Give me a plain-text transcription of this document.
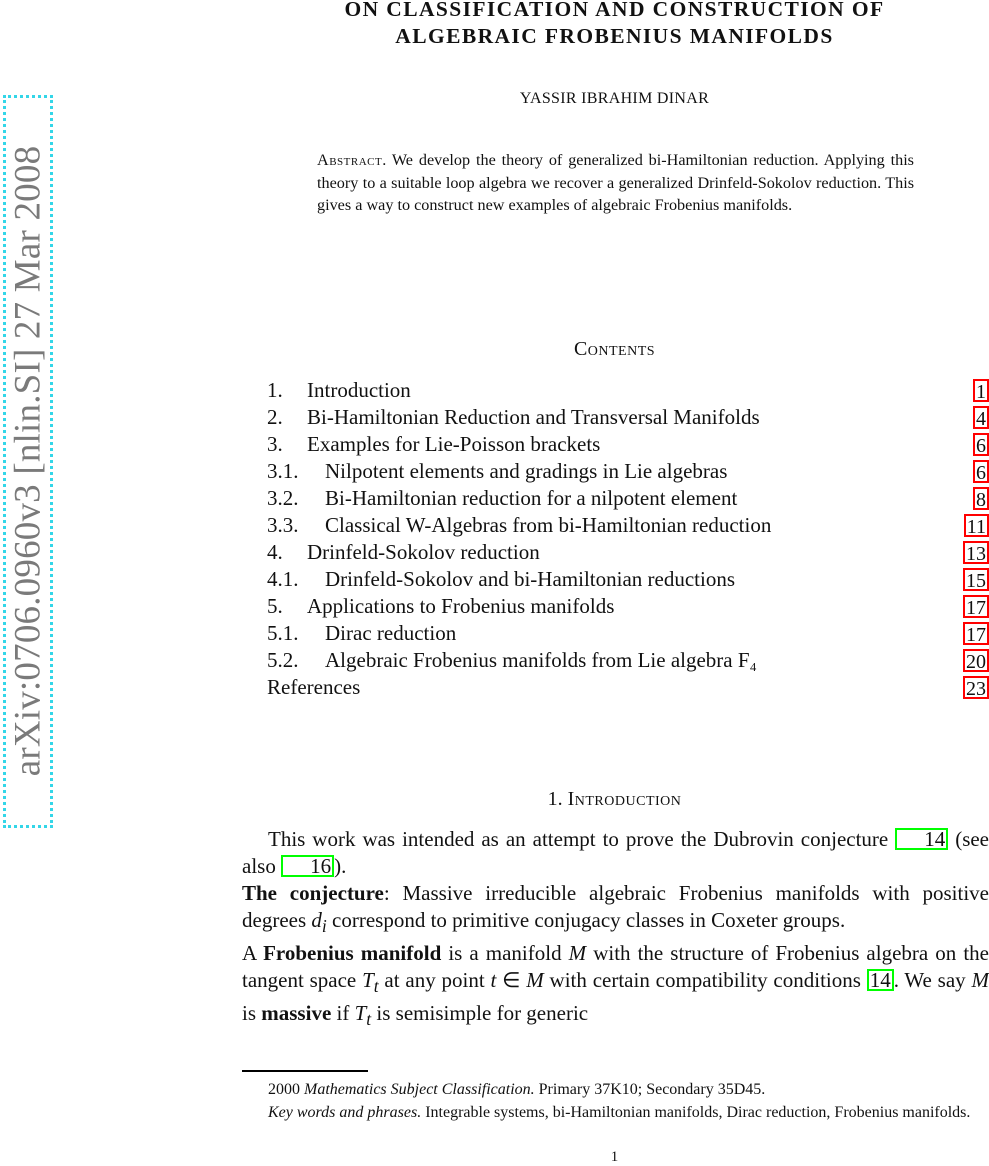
arXiv:0706.0960v3 [nlin.SI] 27 Mar 2008
ON CLASSIFICATION AND CONSTRUCTION OF
ALGEBRAIC FROBENIUS MANIFOLDS
YASSIR IBRAHIM DINAR
Abstract. We develop the theory of generalized bi-Hamiltonian reduction. Applying this theory to a suitable loop algebra we recover a generalized Drinfeld-Sokolov reduction. This gives a way to construct new examples of algebraic Frobenius manifolds.
Contents
1. Introduction	1
2. Bi-Hamiltonian Reduction and Transversal Manifolds	4
3. Examples for Lie-Poisson brackets	6
3.1. Nilpotent elements and gradings in Lie algebras	6
3.2. Bi-Hamiltonian reduction for a nilpotent element	8
3.3. Classical W-Algebras from bi-Hamiltonian reduction	11
4. Drinfeld-Sokolov reduction	13
4.1. Drinfeld-Sokolov and bi-Hamiltonian reductions	15
5. Applications to Frobenius manifolds	17
5.1. Dirac reduction	17
5.2. Algebraic Frobenius manifolds from Lie algebra F₄	20
References	23
1. Introduction

This work was intended as an attempt to prove the Dubrovin conjecture 14 (see also 16 ).

The conjecture: Massive irreducible algebraic Frobenius manifolds with positive degrees $d_i$ correspond to primitive conjugacy classes in Coxeter groups.

A Frobenius manifold is a manifold M with the structure of Frobenius algebra on the tangent space $T_t$ at any point t ∈ M with certain compatibility conditions 14 . We say M is massive if $T_t$ is semisimple for generic

2000 Mathematics Subject Classification. Primary 37K10; Secondary 35D45.

Key words and phrases. Integrable systems, bi-Hamiltonian manifolds, Dirac reduction, Frobenius manifolds.

1
